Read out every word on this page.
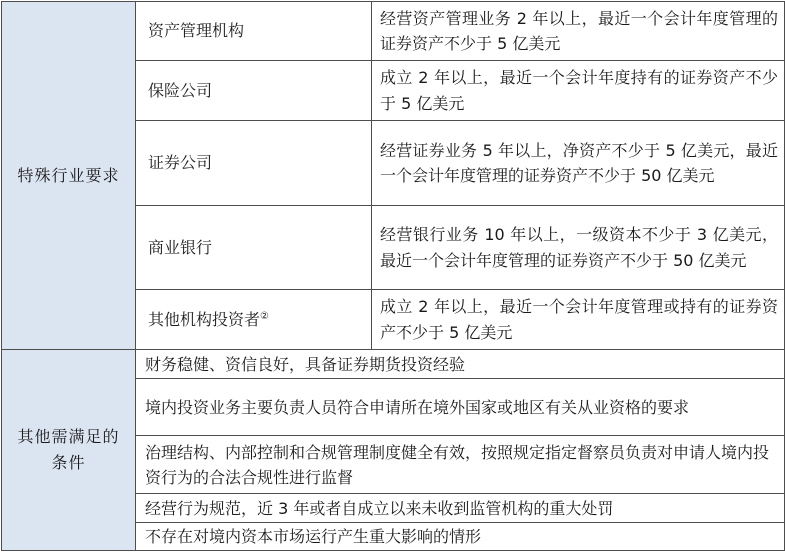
特殊行业要求	资产管理机构	经营资产管理业务 2 年以上，最近一个会计年度管理的证券资产不少于 5 亿美元
	保险公司	成立 2 年以上，最近一个会计年度持有的证券资产不少于 5 亿美元
	证券公司	经营证券业务 5 年以上，净资产不少于 5 亿美元，最近一个会计年度管理的证券资产不少于 50 亿美元
	商业银行	经营银行业务 10 年以上，一级资本不少于 3 亿美元，最近一个会计年度管理的证券资产不少于 50 亿美元
	其他机构投资者②	成立 2 年以上，最近一个会计年度管理或持有的证券资产不少于 5 亿美元
其他需满足的条件	财务稳健、资信良好，具备证券期货投资经验	
	境内投资业务主要负责人员符合申请所在境外国家或地区有关从业资格的要求	
	治理结构、内部控制和合规管理制度健全有效，按照规定指定督察员负责对申请人境内投资行为的合法合规性进行监督	
	经营行为规范，近 3 年或者自成立以来未收到监管机构的重大处罚	
	不存在对境内资本市场运行产生重大影响的情形	
